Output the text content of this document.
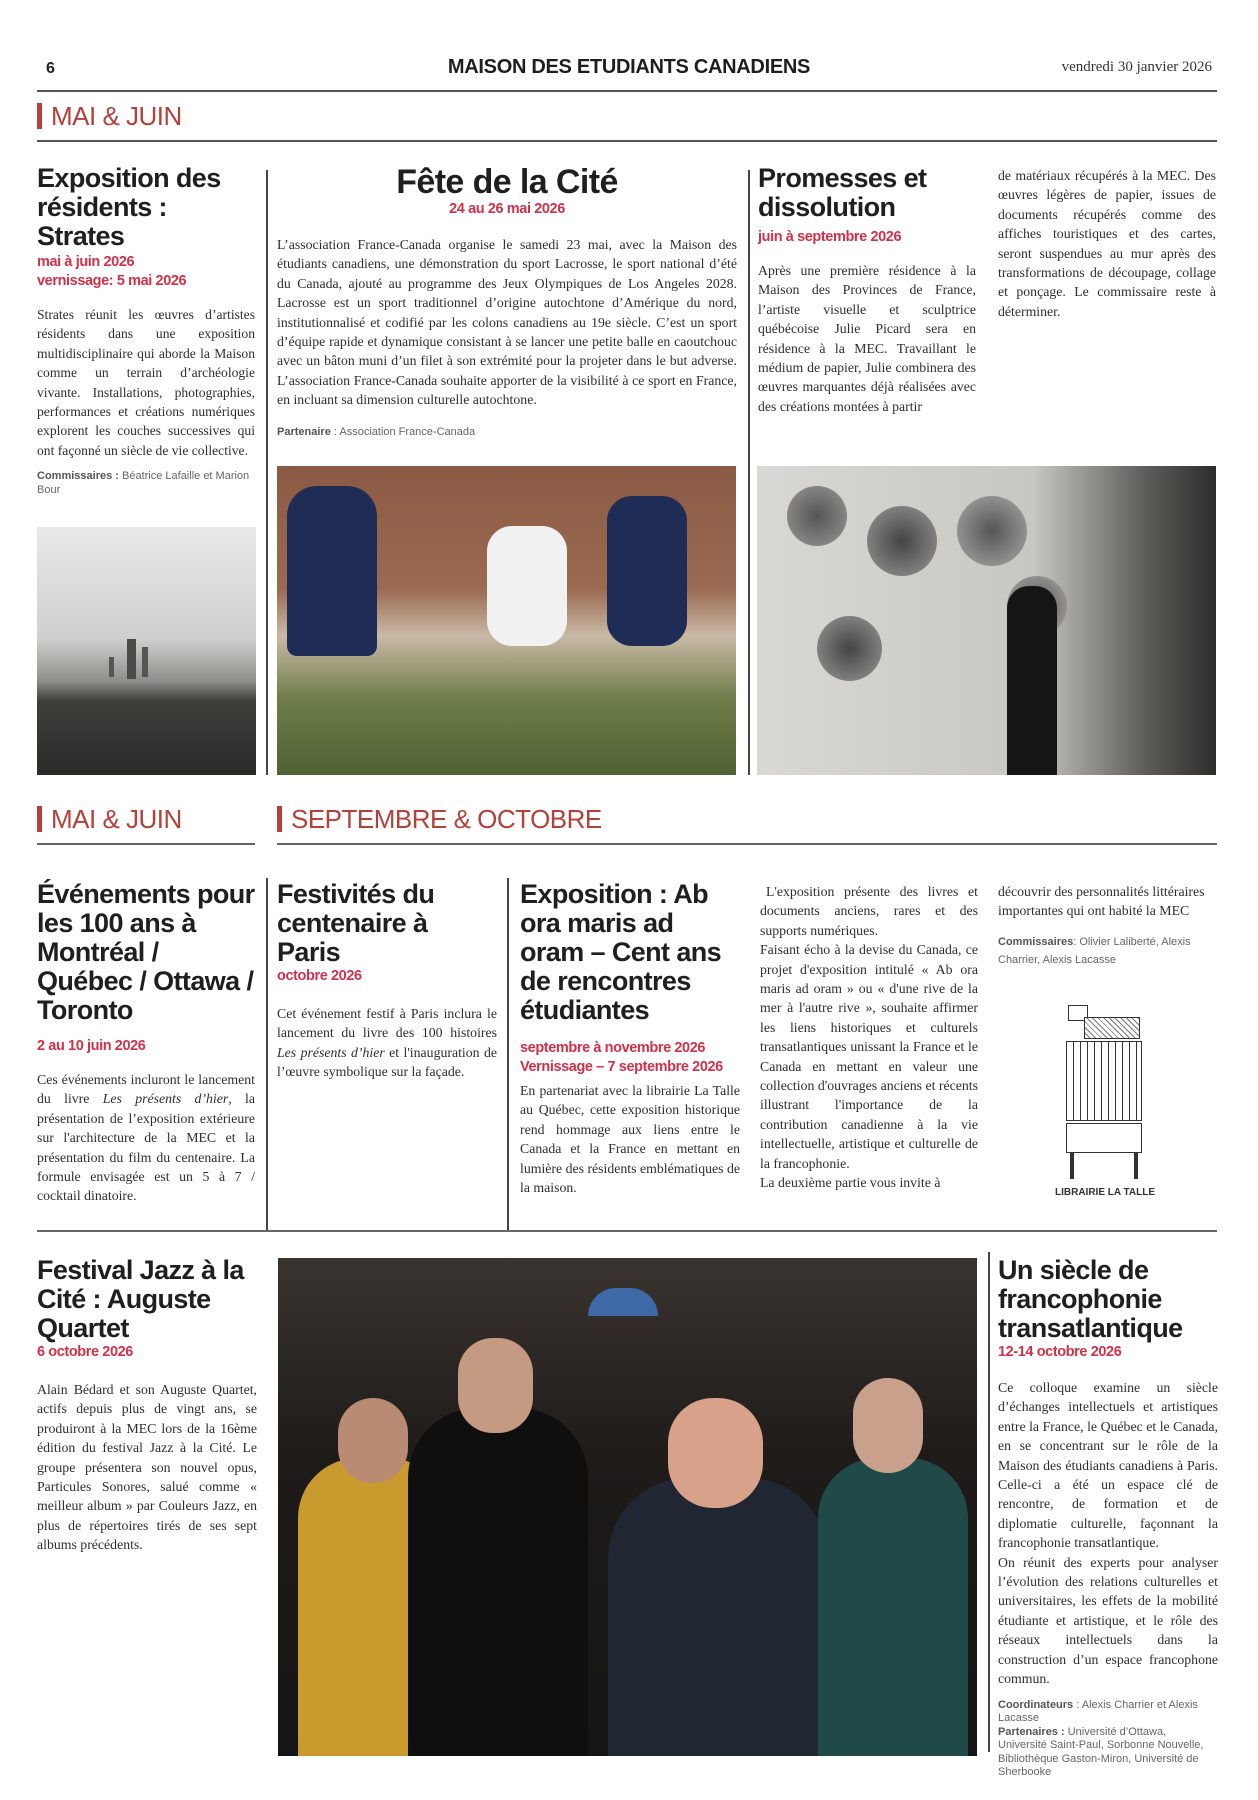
6	MAISON DES ETUDIANTS CANADIENS	vendredi 30 janvier 2026
MAI & JUIN
Exposition des résidents : Strates
mai à juin 2026
vernissage: 5 mai 2026
Strates réunit les œuvres d’artistes résidents dans une exposition multidisciplinaire qui aborde la Maison comme un terrain d’archéologie vivante. Installations, photographies, performances et créations numériques explorent les couches successives qui ont façonné un siècle de vie collective.
Commissaires : Béatrice Lafaille et Marion Bour
Fête de la Cité
24 au 26 mai 2026
L’association France-Canada organise le samedi 23 mai, avec la Maison des étudiants canadiens, une démonstration du sport Lacrosse, le sport national d’été du Canada, ajouté au programme des Jeux Olympiques de Los Angeles 2028. Lacrosse est un sport traditionnel d’origine autochtone d’Amérique du nord, institutionnalisé et codifié par les colons canadiens au 19e siècle. C’est un sport d’équipe rapide et dynamique consistant à se lancer une petite balle en caoutchouc avec un bâton muni d’un filet à son extrémité pour la projeter dans le but adverse. L’association France-Canada souhaite apporter de la visibilité à ce sport en France, en incluant sa dimension culturelle autochtone.
Partenaire : Association France-Canada
Promesses et dissolution
juin à septembre 2026
Après une première résidence à la Maison des Provinces de France, l’artiste visuelle et sculptrice québécoise Julie Picard sera en résidence à la MEC. Travaillant le médium de papier, Julie combinera des œuvres marquantes déjà réalisées avec des créations montées à partir
de matériaux récupérés à la MEC. Des œuvres légères de papier, issues de documents récupérés comme des affiches touristiques et des cartes, seront suspendues au mur après des transformations de découpage, collage et ponçage. Le commissaire reste à déterminer.
MAI & JUIN	SEPTEMBRE & OCTOBRE
Événements pour les 100 ans à Montréal / Québec / Ottawa / Toronto
2 au 10 juin 2026
Ces événements incluront le lancement du livre Les présents d’hier, la présentation de l’exposition extérieure sur l'architecture de la MEC et la présentation du film du centenaire. La formule envisagée est un 5 à 7 / cocktail dinatoire.
Festivités du centenaire à Paris
octobre 2026
Cet événement festif à Paris inclura le lancement du livre des 100 histoires Les présents d’hier et l'inauguration de l’œuvre symbolique sur la façade.
Exposition : Ab ora maris ad oram – Cent ans de rencontres étudiantes
septembre à novembre 2026
Vernissage – 7 septembre 2026
En partenariat avec la librairie La Talle au Québec, cette exposition historique rend hommage aux liens entre le Canada et la France en mettant en lumière des résidents emblématiques de la maison.

L'exposition présente des livres et documents anciens, rares et des supports numériques.

Faisant écho à la devise du Canada, ce projet d'exposition intitulé « Ab ora maris ad oram » ou « d'une rive de la mer à l'autre rive », souhaite affirmer les liens historiques et culturels transatlantiques unissant la France et le Canada en mettant en valeur une collection d'ouvrages anciens et récents illustrant l'importance de la contribution canadienne à la vie intellectuelle, artistique et culturelle de la francophonie.

La deuxième partie vous invite à

découvrir des personnalités littéraires importantes qui ont habité la MEC
Commissaires: Olivier Laliberté, Alexis Charrier, Alexis Lacasse
LIBRAIRIE LA TALLE
Festival Jazz à la Cité : Auguste Quartet
6 octobre 2026
Alain Bédard et son Auguste Quartet, actifs depuis plus de vingt ans, se produiront à la MEC lors de la 16ème édition du festival Jazz à la Cité. Le groupe présentera son nouvel opus, Particules Sonores, salué comme « meilleur album » par Couleurs Jazz, en plus de répertoires tirés de ses sept albums précédents.
Un siècle de francophonie transatlantique
12-14 octobre 2026

Ce colloque examine un siècle d’échanges intellectuels et artistiques entre la France, le Québec et le Canada, en se concentrant sur le rôle de la Maison des étudiants canadiens à Paris. Celle-ci a été un espace clé de rencontre, de formation et de diplomatie culturelle, façonnant la francophonie transatlantique.

On réunit des experts pour analyser l’évolution des relations culturelles et universitaires, les effets de la mobilité étudiante et artistique, et le rôle des réseaux intellectuels dans la construction d’un espace francophone commun.

Coordinateurs : Alexis Charrier et Alexis Lacasse
Partenaires : Université d’Ottawa, Université Saint-Paul, Sorbonne Nouvelle, Bibliothèque Gaston-Miron, Université de Sherbooke
